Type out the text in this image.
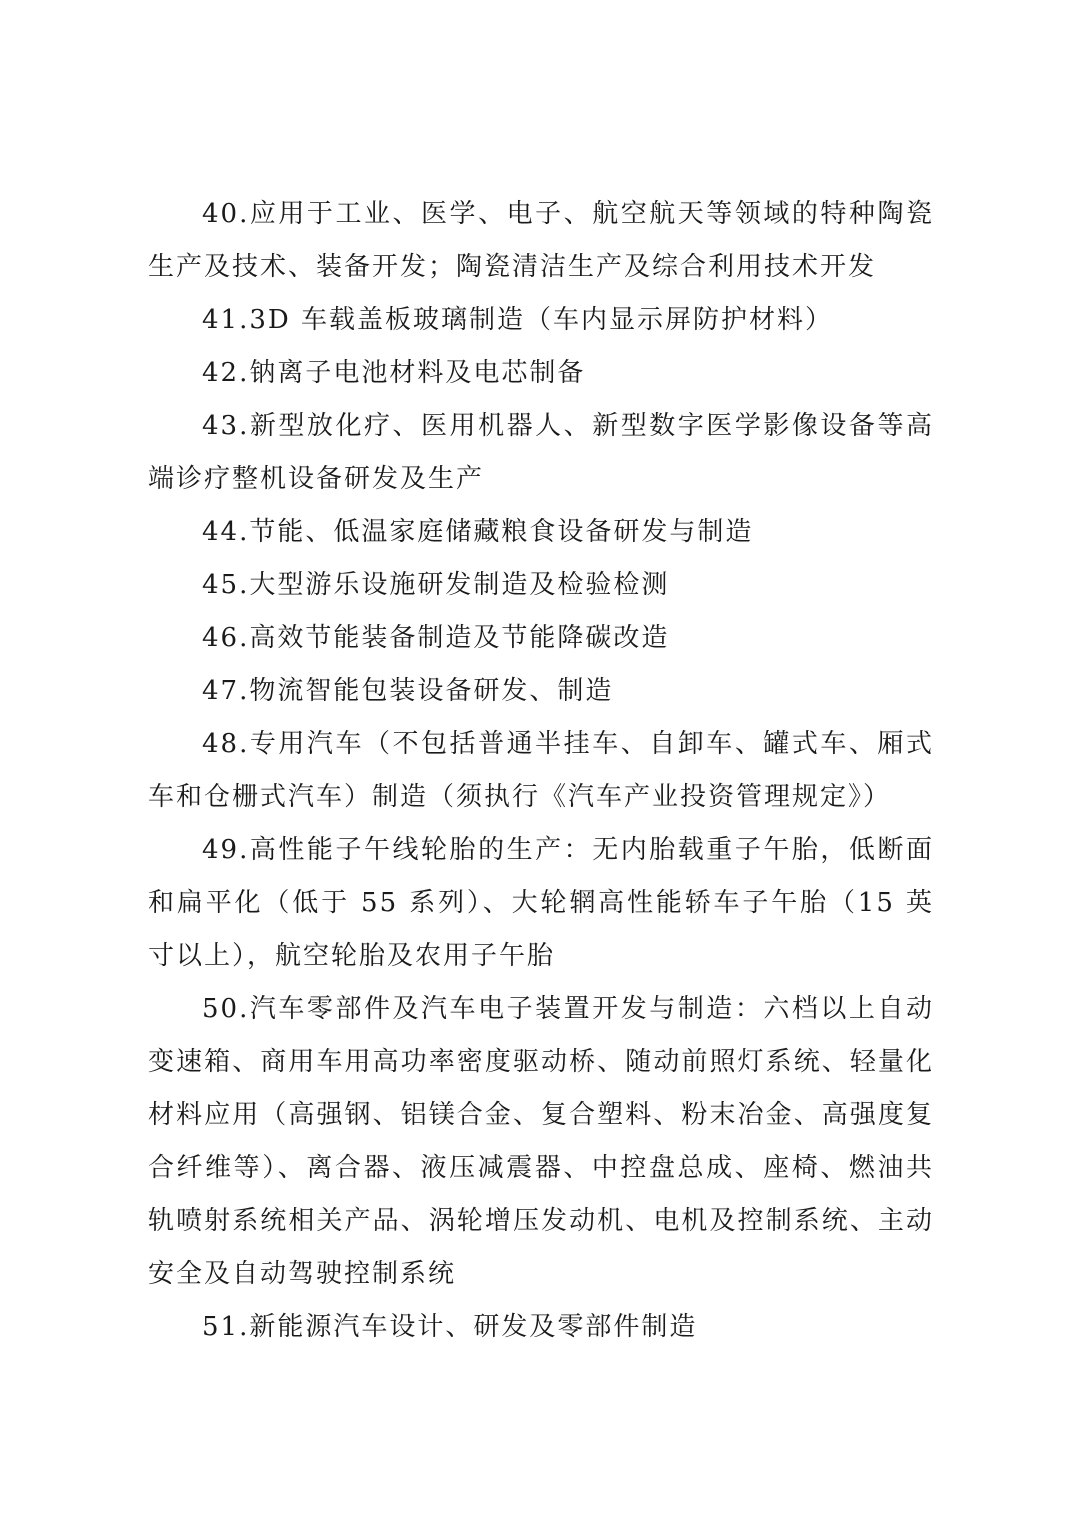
40.应用于工业、医学、电子、航空航天等领域的特种陶瓷生产及技术、装备开发；陶瓷清洁生产及综合利用技术开发

41.3D 车载盖板玻璃制造（车内显示屏防护材料）

42.钠离子电池材料及电芯制备

43.新型放化疗、医用机器人、新型数字医学影像设备等高端诊疗整机设备研发及生产

44.节能、低温家庭储藏粮食设备研发与制造

45.大型游乐设施研发制造及检验检测

46.高效节能装备制造及节能降碳改造

47.物流智能包装设备研发、制造

48.专用汽车（不包括普通半挂车、自卸车、罐式车、厢式车和仓栅式汽车）制造（须执行《汽车产业投资管理规定》）

49.高性能子午线轮胎的生产：无内胎载重子午胎，低断面和扁平化（低于 55 系列）、大轮辋高性能轿车子午胎（15 英寸以上），航空轮胎及农用子午胎

50.汽车零部件及汽车电子装置开发与制造：六档以上自动变速箱、商用车用高功率密度驱动桥、随动前照灯系统、轻量化材料应用（高强钢、铝镁合金、复合塑料、粉末冶金、高强度复合纤维等）、离合器、液压减震器、中控盘总成、座椅、燃油共轨喷射系统相关产品、涡轮增压发动机、电机及控制系统、主动安全及自动驾驶控制系统

51.新能源汽车设计、研发及零部件制造
